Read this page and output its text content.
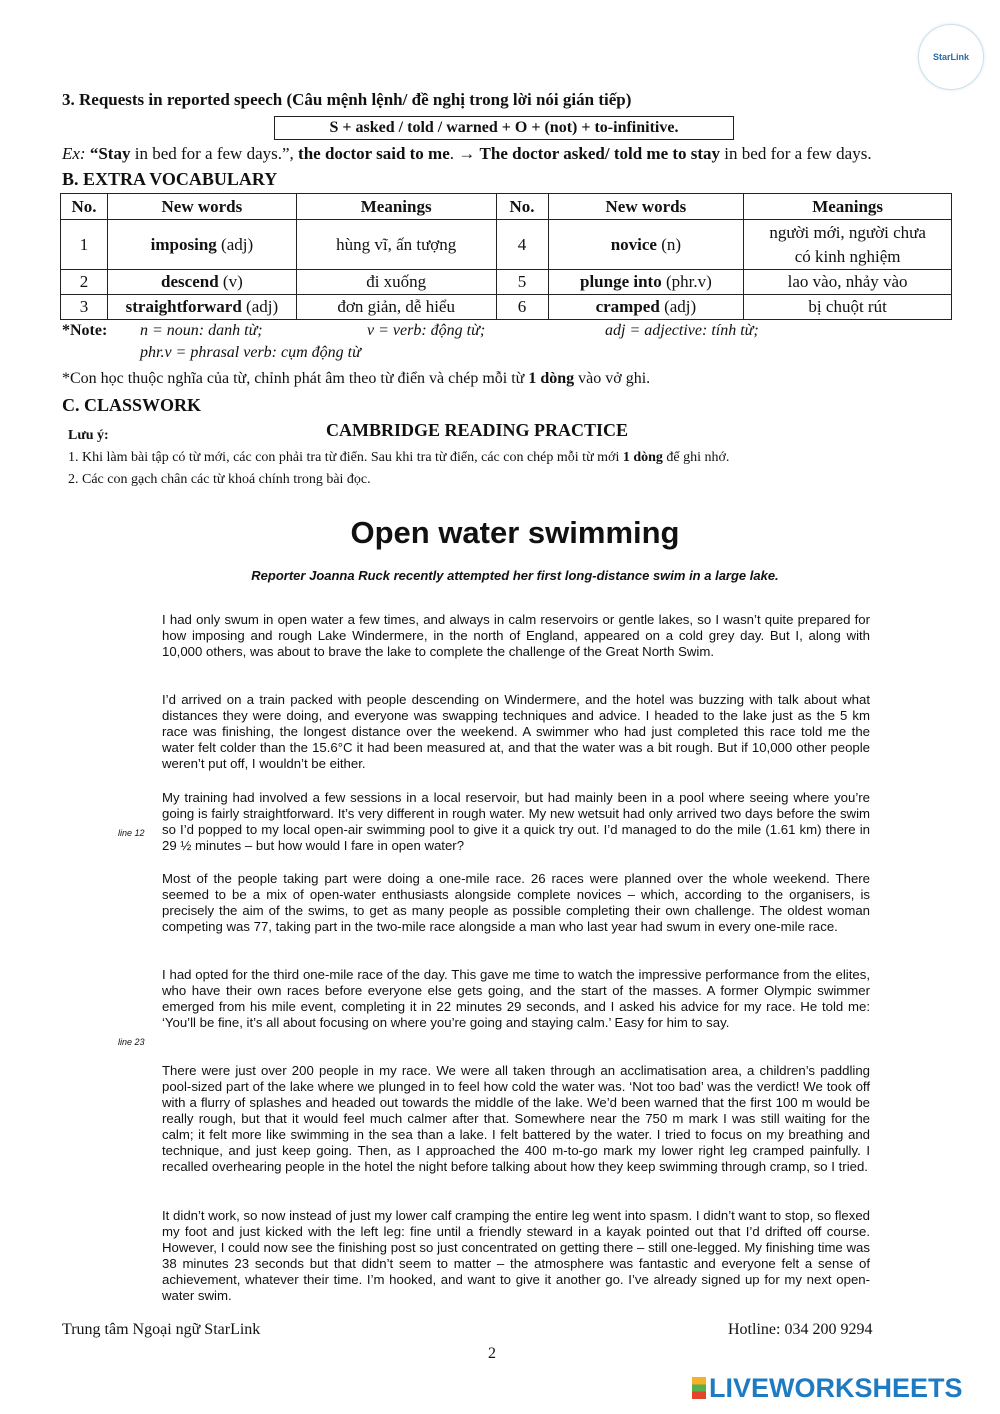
StarLink
3. Requests in reported speech (Câu mệnh lệnh/ đề nghị trong lời nói gián tiếp)
S + asked / told / warned + O + (not) + to-infinitive.
Ex: “Stay in bed for a few days.”, the doctor said to me. → The doctor asked/ told me to stay in bed for a few days.
B. EXTRA VOCABULARY
No.	New words	Meanings	No.	New words	Meanings
1	imposing (adj)	hùng vĩ, ấn tượng	4	novice (n)	người mới, người chưa có kinh nghiệm
2	descend (v)	đi xuống	5	plunge into (phr.v)	lao vào, nhảy vào
3	straightforward (adj)	đơn giản, dễ hiểu	6	cramped (adj)	bị chuột rút
*Note: n = noun: danh từ;	v = verb: động từ;	adj = adjective: tính từ;
phr.v = phrasal verb: cụm động từ
*Con học thuộc nghĩa của từ, chỉnh phát âm theo từ điển và chép mỗi từ 1 dòng vào vở ghi.
C. CLASSWORK
Lưu ý:	CAMBRIDGE READING PRACTICE
1. Khi làm bài tập có từ mới, các con phải tra từ điển. Sau khi tra từ điển, các con chép mỗi từ mới 1 dòng để ghi nhớ.
2. Các con gạch chân các từ khoá chính trong bài đọc.
Open water swimming
Reporter Joanna Ruck recently attempted her first long-distance swim in a large lake.
I had only swum in open water a few times, and always in calm reservoirs or gentle lakes, so I wasn’t quite prepared for how imposing and rough Lake Windermere, in the north of England, appeared on a cold grey day. But I, along with 10,000 others, was about to brave the lake to complete the challenge of the Great North Swim.
I’d arrived on a train packed with people descending on Windermere, and the hotel was buzzing with talk about what distances they were doing, and everyone was swapping techniques and advice. I headed to the lake just as the 5 km race was finishing, the longest distance over the weekend. A swimmer who had just completed this race told me the water felt colder than the 15.6°C it had been measured at, and that the water was a bit rough. But if 10,000 other people weren’t put off, I wouldn’t be either.
My training had involved a few sessions in a local reservoir, but had mainly been in a pool where seeing where you’re going is fairly straightforward. It’s very different in rough water. My new wetsuit had only arrived two days before the swim so I’d popped to my local open-air swimming pool to give it a quick try out. I’d managed to do the mile (1.61 km) there in 29 ½ minutes – but how would I fare in open water?
Most of the people taking part were doing a one-mile race. 26 races were planned over the whole weekend. There seemed to be a mix of open-water enthusiasts alongside complete novices – which, according to the organisers, is precisely the aim of the swims, to get as many people as possible completing their own challenge. The oldest woman competing was 77, taking part in the two-mile race alongside a man who last year had swum in every one-mile race.
I had opted for the third one-mile race of the day. This gave me time to watch the impressive performance from the elites, who have their own races before everyone else gets going, and the start of the masses. A former Olympic swimmer emerged from his mile event, completing it in 22 minutes 29 seconds, and I asked his advice for my race. He told me: ‘You’ll be fine, it’s all about focusing on where you’re going and staying calm.’ Easy for him to say.
There were just over 200 people in my race. We were all taken through an acclimatisation area, a children’s paddling pool-sized part of the lake where we plunged in to feel how cold the water was. ‘Not too bad’ was the verdict! We took off with a flurry of splashes and headed out towards the middle of the lake. We’d been warned that the first 100 m would be really rough, but that it would feel much calmer after that. Somewhere near the 750 m mark I was still waiting for the calm; it felt more like swimming in the sea than a lake. I felt battered by the water. I tried to focus on my breathing and technique, and just keep going. Then, as I approached the 400 m-to-go mark my lower right leg cramped painfully. I recalled overhearing people in the hotel the night before talking about how they keep swimming through cramp, so I tried.
It didn’t work, so now instead of just my lower calf cramping the entire leg went into spasm. I didn’t want to stop, so flexed my foot and just kicked with the left leg: fine until a friendly steward in a kayak pointed out that I’d drifted off course. However, I could now see the finishing post so just concentrated on getting there – still one-legged. My finishing time was 38 minutes 23 seconds but that didn’t seem to matter – the atmosphere was fantastic and everyone felt a sense of achievement, whatever their time. I’m hooked, and want to give it another go. I’ve already signed up for my next open-water swim.
line 12
line 23
Trung tâm Ngoại ngữ StarLink	Hotline: 034 200 9294
2
LIVEWORKSHEETS
